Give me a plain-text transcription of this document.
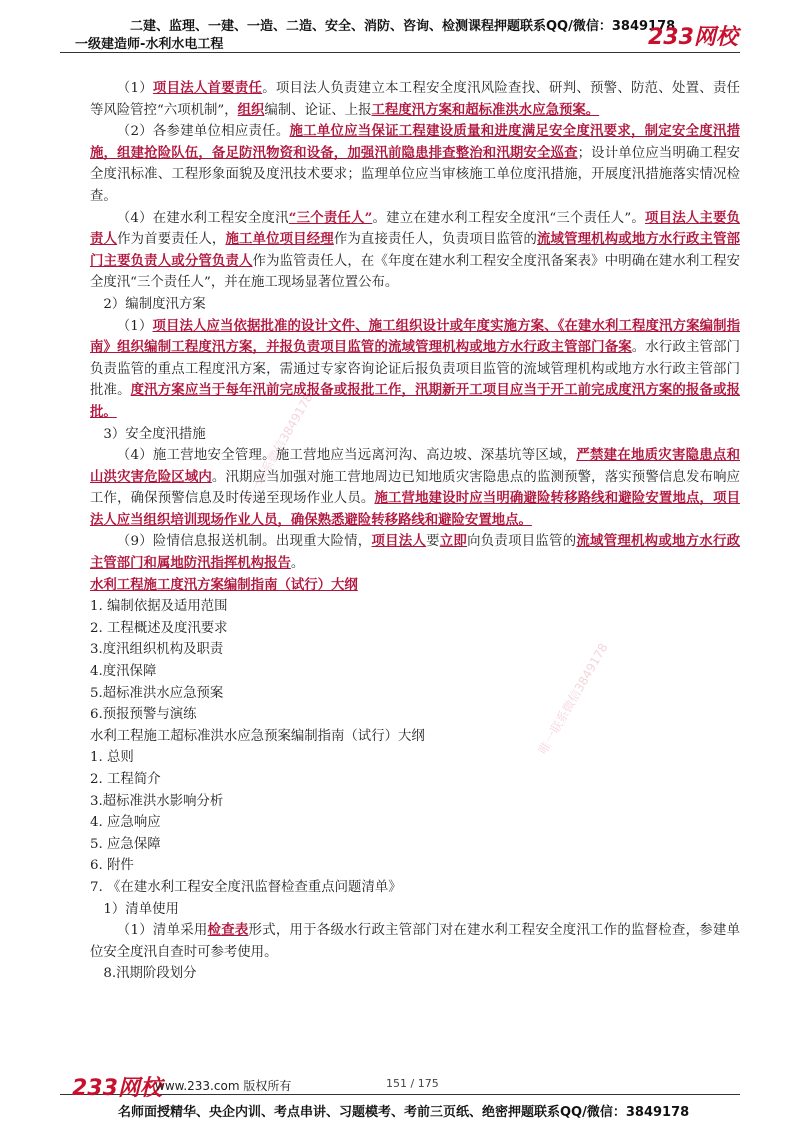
二建、监理、一建、一造、二造、安全、消防、咨询、检测课程押题联系QQ/微信：3849178
一级建造师-水利水电工程	233网校
唯一联系微信3849178
唯一联系微信3849178

（1）项目法人首要责任。项目法人负责建立本工程安全度汛风险查找、研判、预警、防范、处置、责任等风险管控“六项机制”，组织编制、论证、上报工程度汛方案和超标准洪水应急预案。

（2）各参建单位相应责任。施工单位应当保证工程建设质量和进度满足安全度汛要求，制定安全度汛措施，组建抢险队伍，备足防汛物资和设备，加强汛前隐患排查整治和汛期安全巡查；设计单位应当明确工程安全度汛标准、工程形象面貌及度汛技术要求；监理单位应当审核施工单位度汛措施，开展度汛措施落实情况检查。

（4）在建水利工程安全度汛“三个责任人”。建立在建水利工程安全度汛“三个责任人”。项目法人主要负责人作为首要责任人，施工单位项目经理作为直接责任人，负责项目监管的流域管理机构或地方水行政主管部门主要负责人或分管负责人作为监管责任人，在《年度在建水利工程安全度汛备案表》中明确在建水利工程安全度汛“三个责任人”，并在施工现场显著位置公布。

2）编制度汛方案

（1）项目法人应当依据批准的设计文件、施工组织设计或年度实施方案、《在建水利工程度汛方案编制指南》组织编制工程度汛方案，并报负责项目监管的流域管理机构或地方水行政主管部门备案。水行政主管部门负责监管的重点工程度汛方案，需通过专家咨询论证后报负责项目监管的流域管理机构或地方水行政主管部门批准。度汛方案应当于每年汛前完成报备或报批工作，汛期新开工项目应当于开工前完成度汛方案的报备或报批。

3）安全度汛措施

（4）施工营地安全管理。施工营地应当远离河沟、高边坡、深基坑等区域，严禁建在地质灾害隐患点和山洪灾害危险区域内。汛期应当加强对施工营地周边已知地质灾害隐患点的监测预警，落实预警信息发布响应工作，确保预警信息及时传递至现场作业人员。施工营地建设时应当明确避险转移路线和避险安置地点，项目法人应当组织培训现场作业人员，确保熟悉避险转移路线和避险安置地点。

（9）险情信息报送机制。出现重大险情，项目法人要立即向负责项目监管的流域管理机构或地方水行政主管部门和属地防汛指挥机构报告。

水利工程施工度汛方案编制指南（试行）大纲

1. 编制依据及适用范围

2. 工程概述及度汛要求

3.度汛组织机构及职责

4.度汛保障

5.超标准洪水应急预案

6.预报预警与演练

水利工程施工超标准洪水应急预案编制指南（试行）大纲

1. 总则

2. 工程简介

3.超标准洪水影响分析

4. 应急响应

5. 应急保障

6. 附件

7. 《在建水利工程安全度汛监督检查重点问题清单》

1）清单使用

（1）清单采用检查表形式，用于各级水行政主管部门对在建水利工程安全度汛工作的监督检查，参建单位安全度汛自查时可参考使用。

8.汛期阶段划分

233网校
www.233.com 版权所有	151 / 175
名师面授精华、央企内训、考点串讲、习题模考、考前三页纸、绝密押题联系QQ/微信：3849178
